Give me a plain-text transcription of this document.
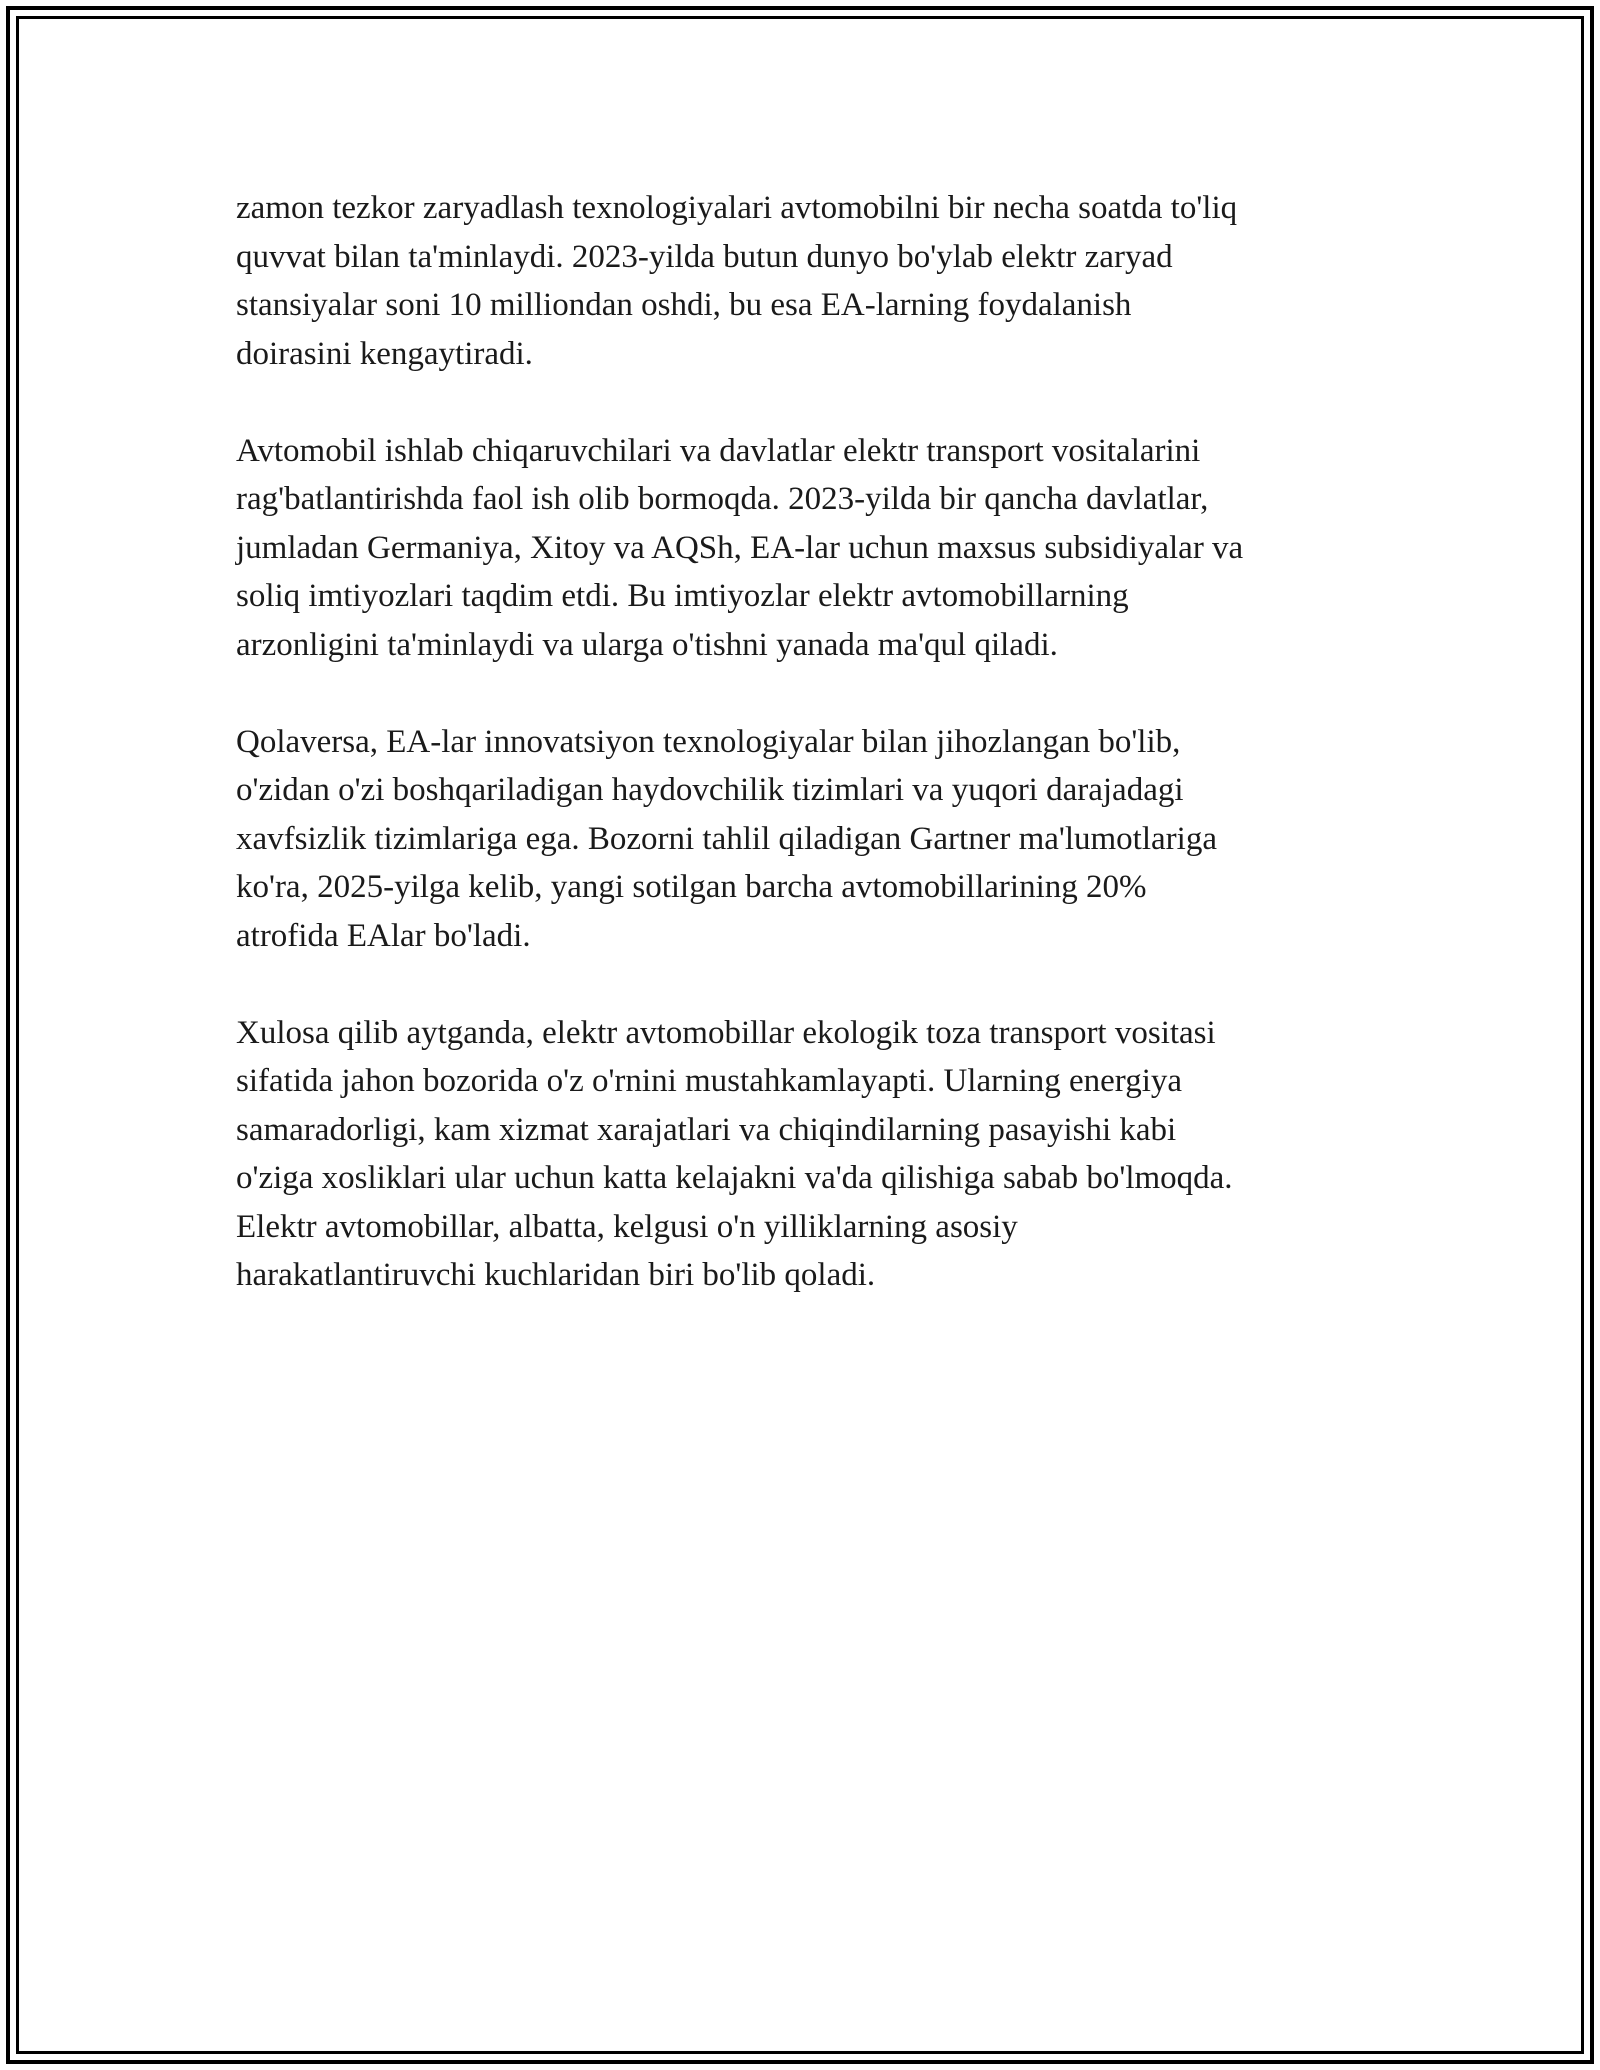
zamon tezkor zaryadlash texnologiyalari avtomobilni bir necha soatda to'liq
quvvat bilan ta'minlaydi. 2023-yilda butun dunyo bo'ylab elektr zaryad
stansiyalar soni 10 milliondan oshdi, bu esa EA-larning foydalanish
doirasini kengaytiradi.

Avtomobil ishlab chiqaruvchilari va davlatlar elektr transport vositalarini
rag'batlantirishda faol ish olib bormoqda. 2023-yilda bir qancha davlatlar,
jumladan Germaniya, Xitoy va AQSh, EA-lar uchun maxsus subsidiyalar va
soliq imtiyozlari taqdim etdi. Bu imtiyozlar elektr avtomobillarning
arzonligini ta'minlaydi va ularga o'tishni yanada ma'qul qiladi.

Qolaversa, EA-lar innovatsiyon texnologiyalar bilan jihozlangan bo'lib,
o'zidan o'zi boshqariladigan haydovchilik tizimlari va yuqori darajadagi
xavfsizlik tizimlariga ega. Bozorni tahlil qiladigan Gartner ma'lumotlariga
ko'ra, 2025-yilga kelib, yangi sotilgan barcha avtomobillarining 20%
atrofida EAlar bo'ladi.

Xulosa qilib aytganda, elektr avtomobillar ekologik toza transport vositasi
sifatida jahon bozorida o'z o'rnini mustahkamlayapti. Ularning energiya
samaradorligi, kam xizmat xarajatlari va chiqindilarning pasayishi kabi
o'ziga xosliklari ular uchun katta kelajakni va'da qilishiga sabab bo'lmoqda.
Elektr avtomobillar, albatta, kelgusi o'n yilliklarning asosiy
harakatlantiruvchi kuchlaridan biri bo'lib qoladi.
